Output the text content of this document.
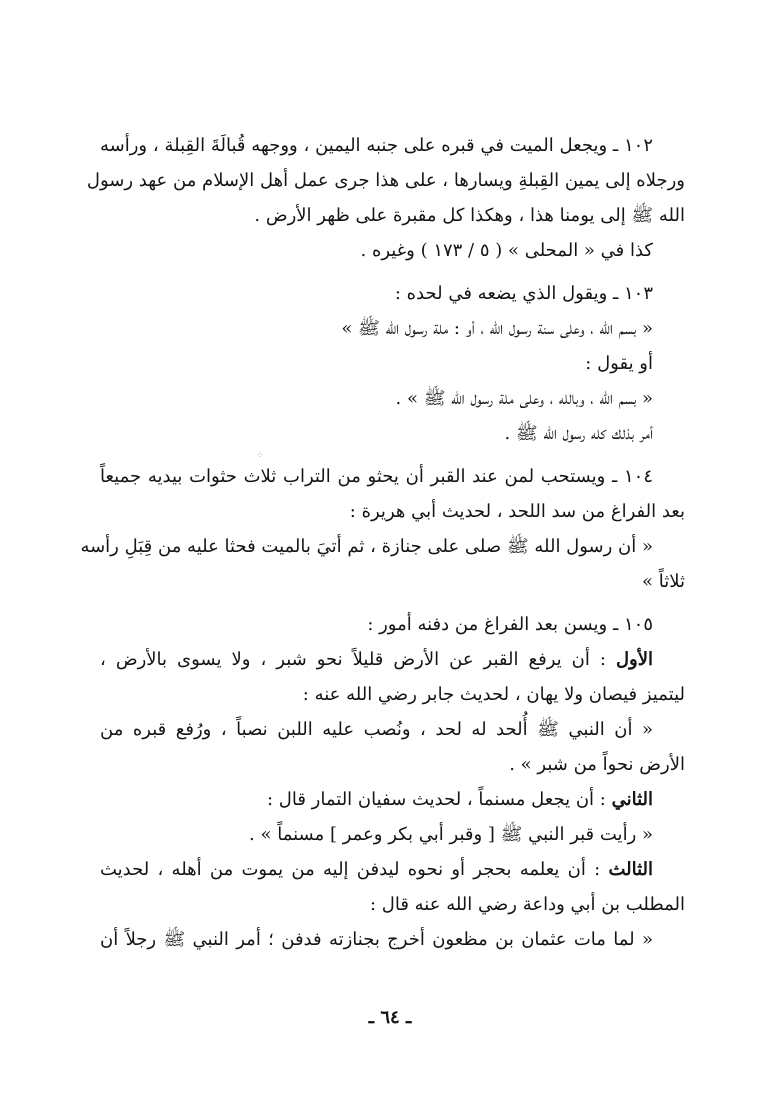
١٠٢ ـ ويجعل الميت في قبره على جنبه اليمين ، ووجهه قُبالَةَ القِبلة ، ورأسه
ورجلاه إلى يمين القِبلةِ ويسارها ، على هذا جرى عمل أهل الإسلام من عهد رسول
الله ﷺ إلى يومنا هذا ، وهكذا كل مقبرة على ظهر الأرض .
كذا في « المحلى » ( ٥ / ١٧٣ ) وغيره .
١٠٣ ـ ويقول الذي يضعه في لحده :
« بسم الله ، وعلى سنة رسول الله ، أو : ملة رسول الله ﷺ »
أو يقول :
« بسم الله ، وبالله ، وعلى ملة رسول الله ﷺ » .
أمر بذلك كله رسول الله ﷺ .
١٠٤ ـ ويستحب لمن عند القبر أن يحثو من التراب ثلاث حثوات بيديه جميعاً
بعد الفراغ من سد اللحد ، لحديث أبي هريرة :
« أن رسول الله ﷺ صلى على جنازة ، ثم أتيَ بالميت فحثا عليه من قِبَلِ رأسه
ثلاثاً »
١٠٥ ـ ويسن بعد الفراغ من دفنه أمور :
الأول : أن يرفع القبر عن الأرض قليلاً نحو شبر ، ولا يسوى بالأرض ،
ليتميز فيصان ولا يهان ، لحديث جابر رضي الله عنه :
« أن النبي ﷺ أُلحد له لحد ، ونُصب عليه اللبن نصباً ، ورُفع قبره من
الأرض نحواً من شبر » .
الثاني : أن يجعل مسنماً ، لحديث سفيان التمار قال :
« رأيت قبر النبي ﷺ [ وقبر أبي بكر وعمر ] مسنماً » .
الثالث : أن يعلمه بحجر أو نحوه ليدفن إليه من يموت من أهله ، لحديث
المطلب بن أبي وداعة رضي الله عنه قال :
« لما مات عثمان بن مظعون أخرج بجنازته فدفن ؛ أمر النبي ﷺ رجلاً أن
⁘
ـ ٦٤ ـ
